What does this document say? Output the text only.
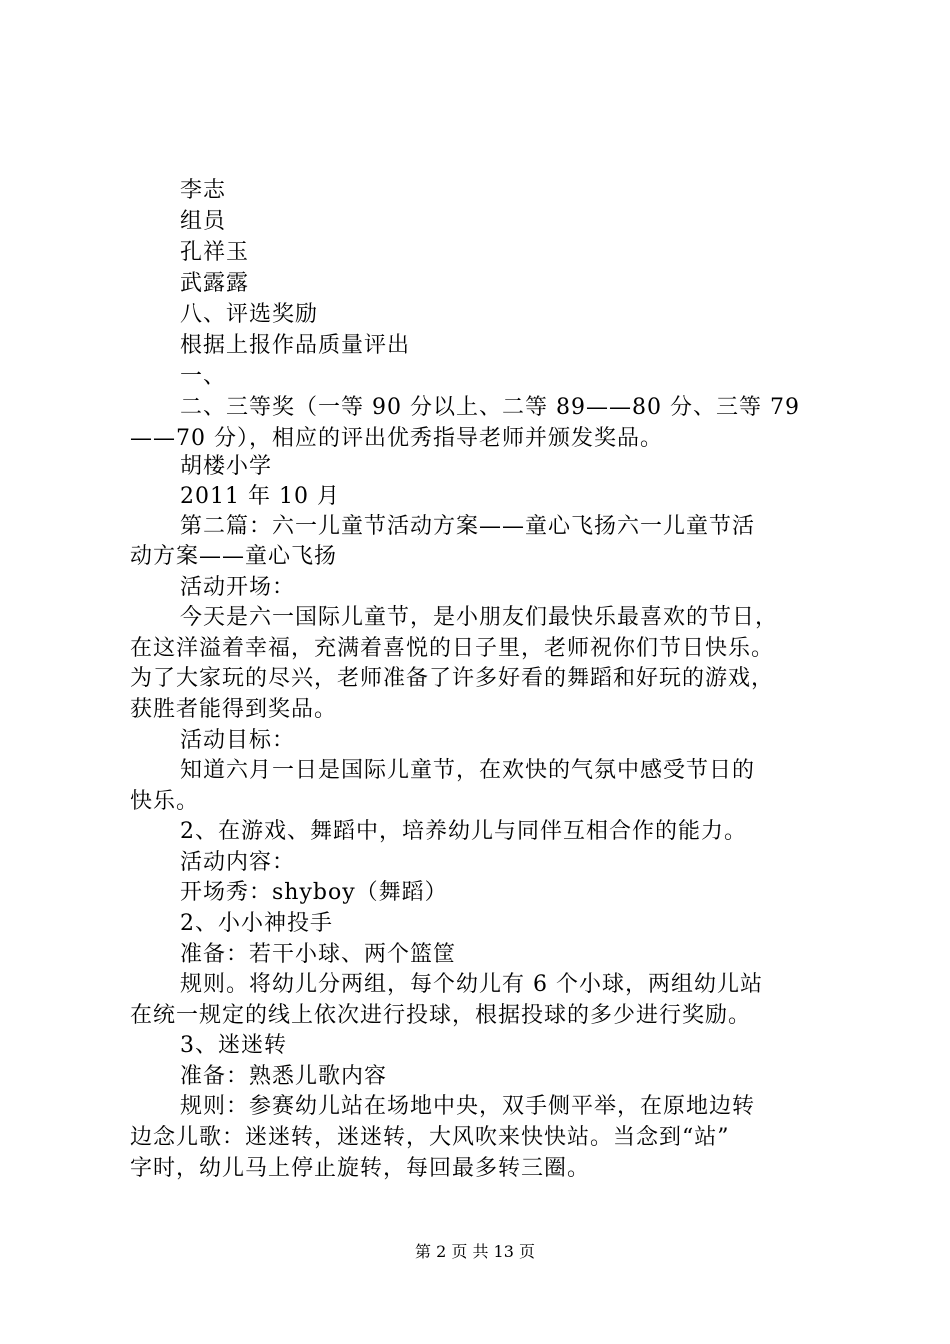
李志
组员
孔祥玉
武露露
八、评选奖励
根据上报作品质量评出
一、
二、三等奖（一等 90 分以上、二等 89——80 分、三等 79
——70 分），相应的评出优秀指导老师并颁发奖品。
胡楼小学
2011 年 10 月
第二篇：六一儿童节活动方案——童心飞扬六一儿童节活
动方案——童心飞扬
活动开场：
今天是六一国际儿童节，是小朋友们最快乐最喜欢的节日，
在这洋溢着幸福，充满着喜悦的日子里，老师祝你们节日快乐。
为了大家玩的尽兴，老师准备了许多好看的舞蹈和好玩的游戏，
获胜者能得到奖品。
活动目标：
知道六月一日是国际儿童节，在欢快的气氛中感受节日的
快乐。
2、在游戏、舞蹈中，培养幼儿与同伴互相合作的能力。
活动内容：
开场秀：shyboy（舞蹈）
2、小小神投手
准备：若干小球、两个篮筐
规则。将幼儿分两组，每个幼儿有 6 个小球，两组幼儿站
在统一规定的线上依次进行投球，根据投球的多少进行奖励。
3、迷迷转
准备：熟悉儿歌内容
规则：参赛幼儿站在场地中央，双手侧平举，在原地边转
边念儿歌：迷迷转，迷迷转，大风吹来快快站。当念到“站”
字时，幼儿马上停止旋转，每回最多转三圈。
第 2 页 共 13 页
